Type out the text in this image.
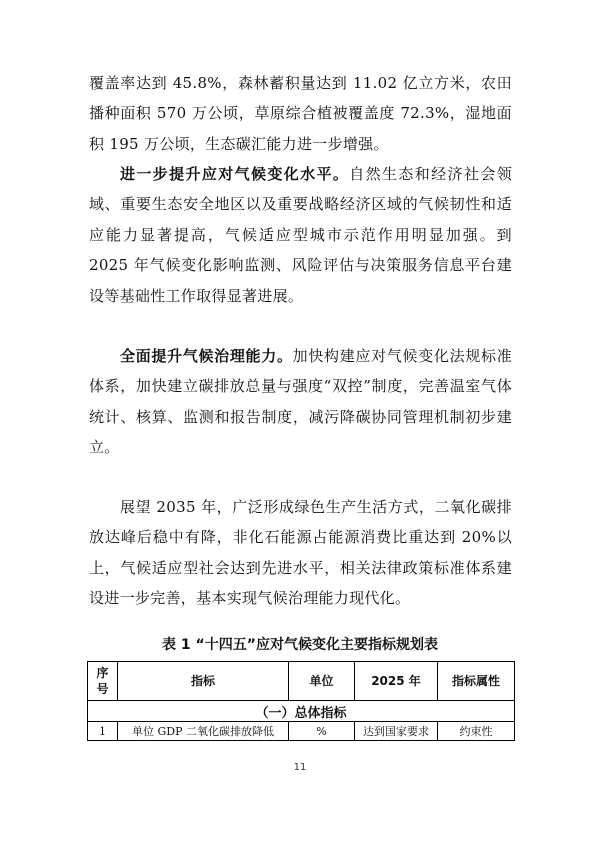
覆盖率达到 45.8%，森林蓄积量达到 11.02 亿立方米，农田播种面积 570 万公顷，草原综合植被覆盖度 72.3%，湿地面积 195 万公顷，生态碳汇能力进一步增强。

进一步提升应对气候变化水平。自然生态和经济社会领域、重要生态安全地区以及重要战略经济区域的气候韧性和适应能力显著提高，气候适应型城市示范作用明显加强。到 2025 年气候变化影响监测、风险评估与决策服务信息平台建设等基础性工作取得显著进展。

全面提升气候治理能力。加快构建应对气候变化法规标准体系，加快建立碳排放总量与强度“双控”制度，完善温室气体统计、核算、监测和报告制度，减污降碳协同管理机制初步建立。

展望 2035 年，广泛形成绿色生产生活方式，二氧化碳排放达峰后稳中有降，非化石能源占能源消费比重达到 20%以上，气候适应型社会达到先进水平，相关法律政策标准体系建设进一步完善，基本实现气候治理能力现代化。

表 1 “十四五”应对气候变化主要指标规划表
序号	指标	单位	2025 年	指标属性
（一）总体指标				
1	单位 GDP 二氧化碳排放降低	%	达到国家要求	约束性
11
